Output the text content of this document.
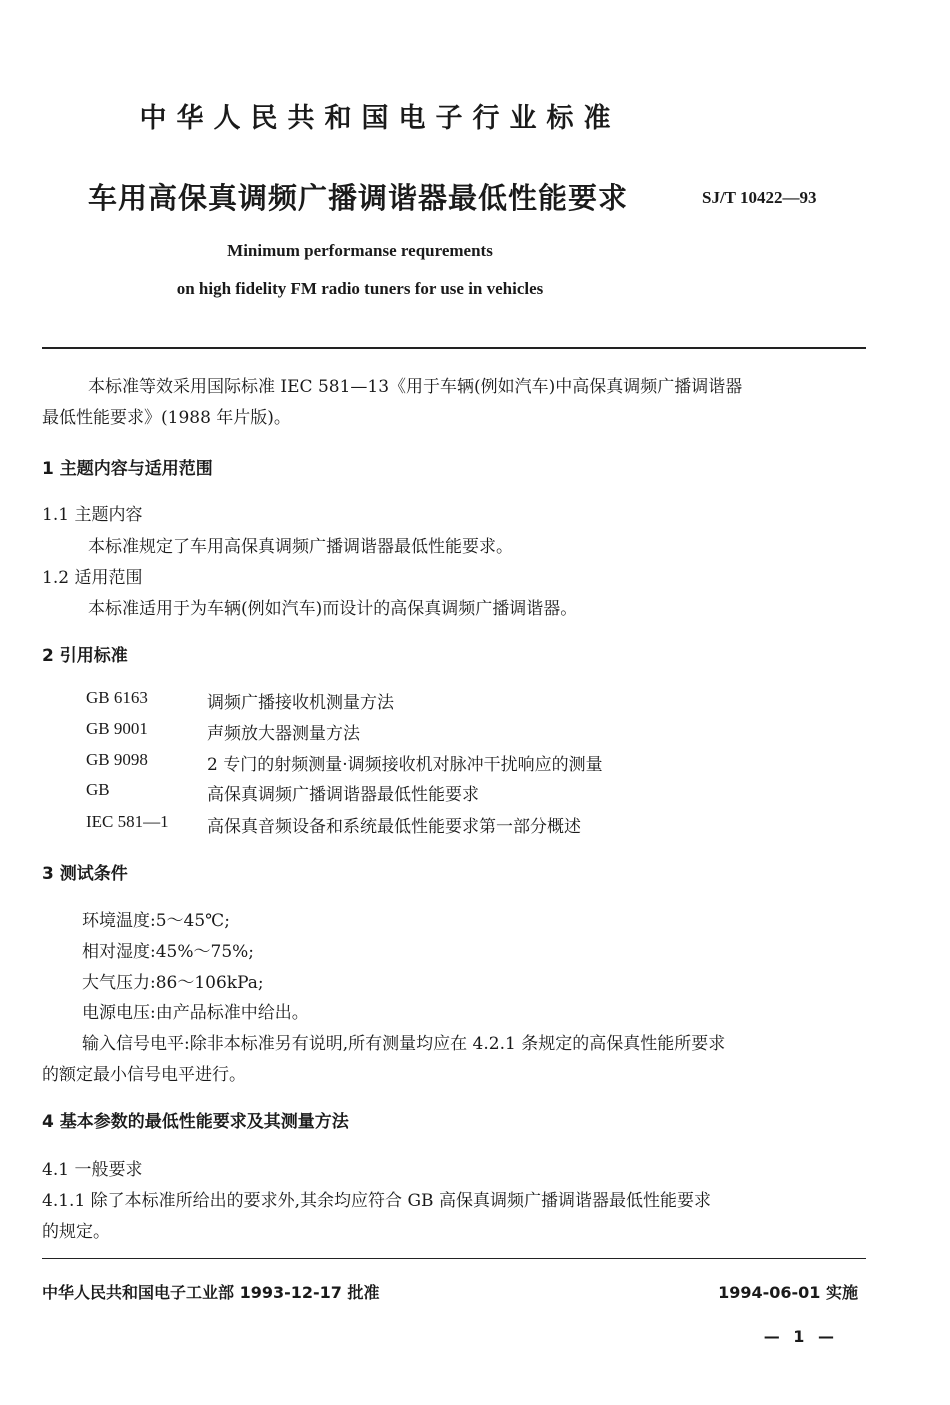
中华人民共和国电子行业标准
车用高保真调频广播调谐器最低性能要求	SJ/T 10422—93
Minimum performanse requrements
on high fidelity FM radio tuners for use in vehicles
本标准等效采用国际标准 IEC 581—13《用于车辆(例如汽车)中高保真调频广播调谐器
最低性能要求》(1988 年片版)。
1 主题内容与适用范围
1.1 主题内容
本标准规定了车用高保真调频广播调谐器最低性能要求。
1.2 适用范围
本标准适用于为车辆(例如汽车)而设计的高保真调频广播调谐器。
2 引用标准
GB 6163	调频广播接收机测量方法
GB 9001	声频放大器测量方法
GB 9098	2 专门的射频测量·调频接收机对脉冲干扰响应的测量
GB	高保真调频广播调谐器最低性能要求
IEC 581—1 高保真音频设备和系统最低性能要求第一部分概述
3 测试条件
环境温度:5～45℃;
相对湿度:45%～75%;
大气压力:86～106kPa;
电源电压:由产品标准中给出。
输入信号电平:除非本标准另有说明,所有测量均应在 4.2.1 条规定的高保真性能所要求
的额定最小信号电平进行。
4 基本参数的最低性能要求及其测量方法
4.1 一般要求
4.1.1 除了本标准所给出的要求外,其余均应符合 GB 高保真调频广播调谐器最低性能要求
的规定。
中华人民共和国电子工业部 1993-12-17 批准	1994-06-01 实施
— 1 —
